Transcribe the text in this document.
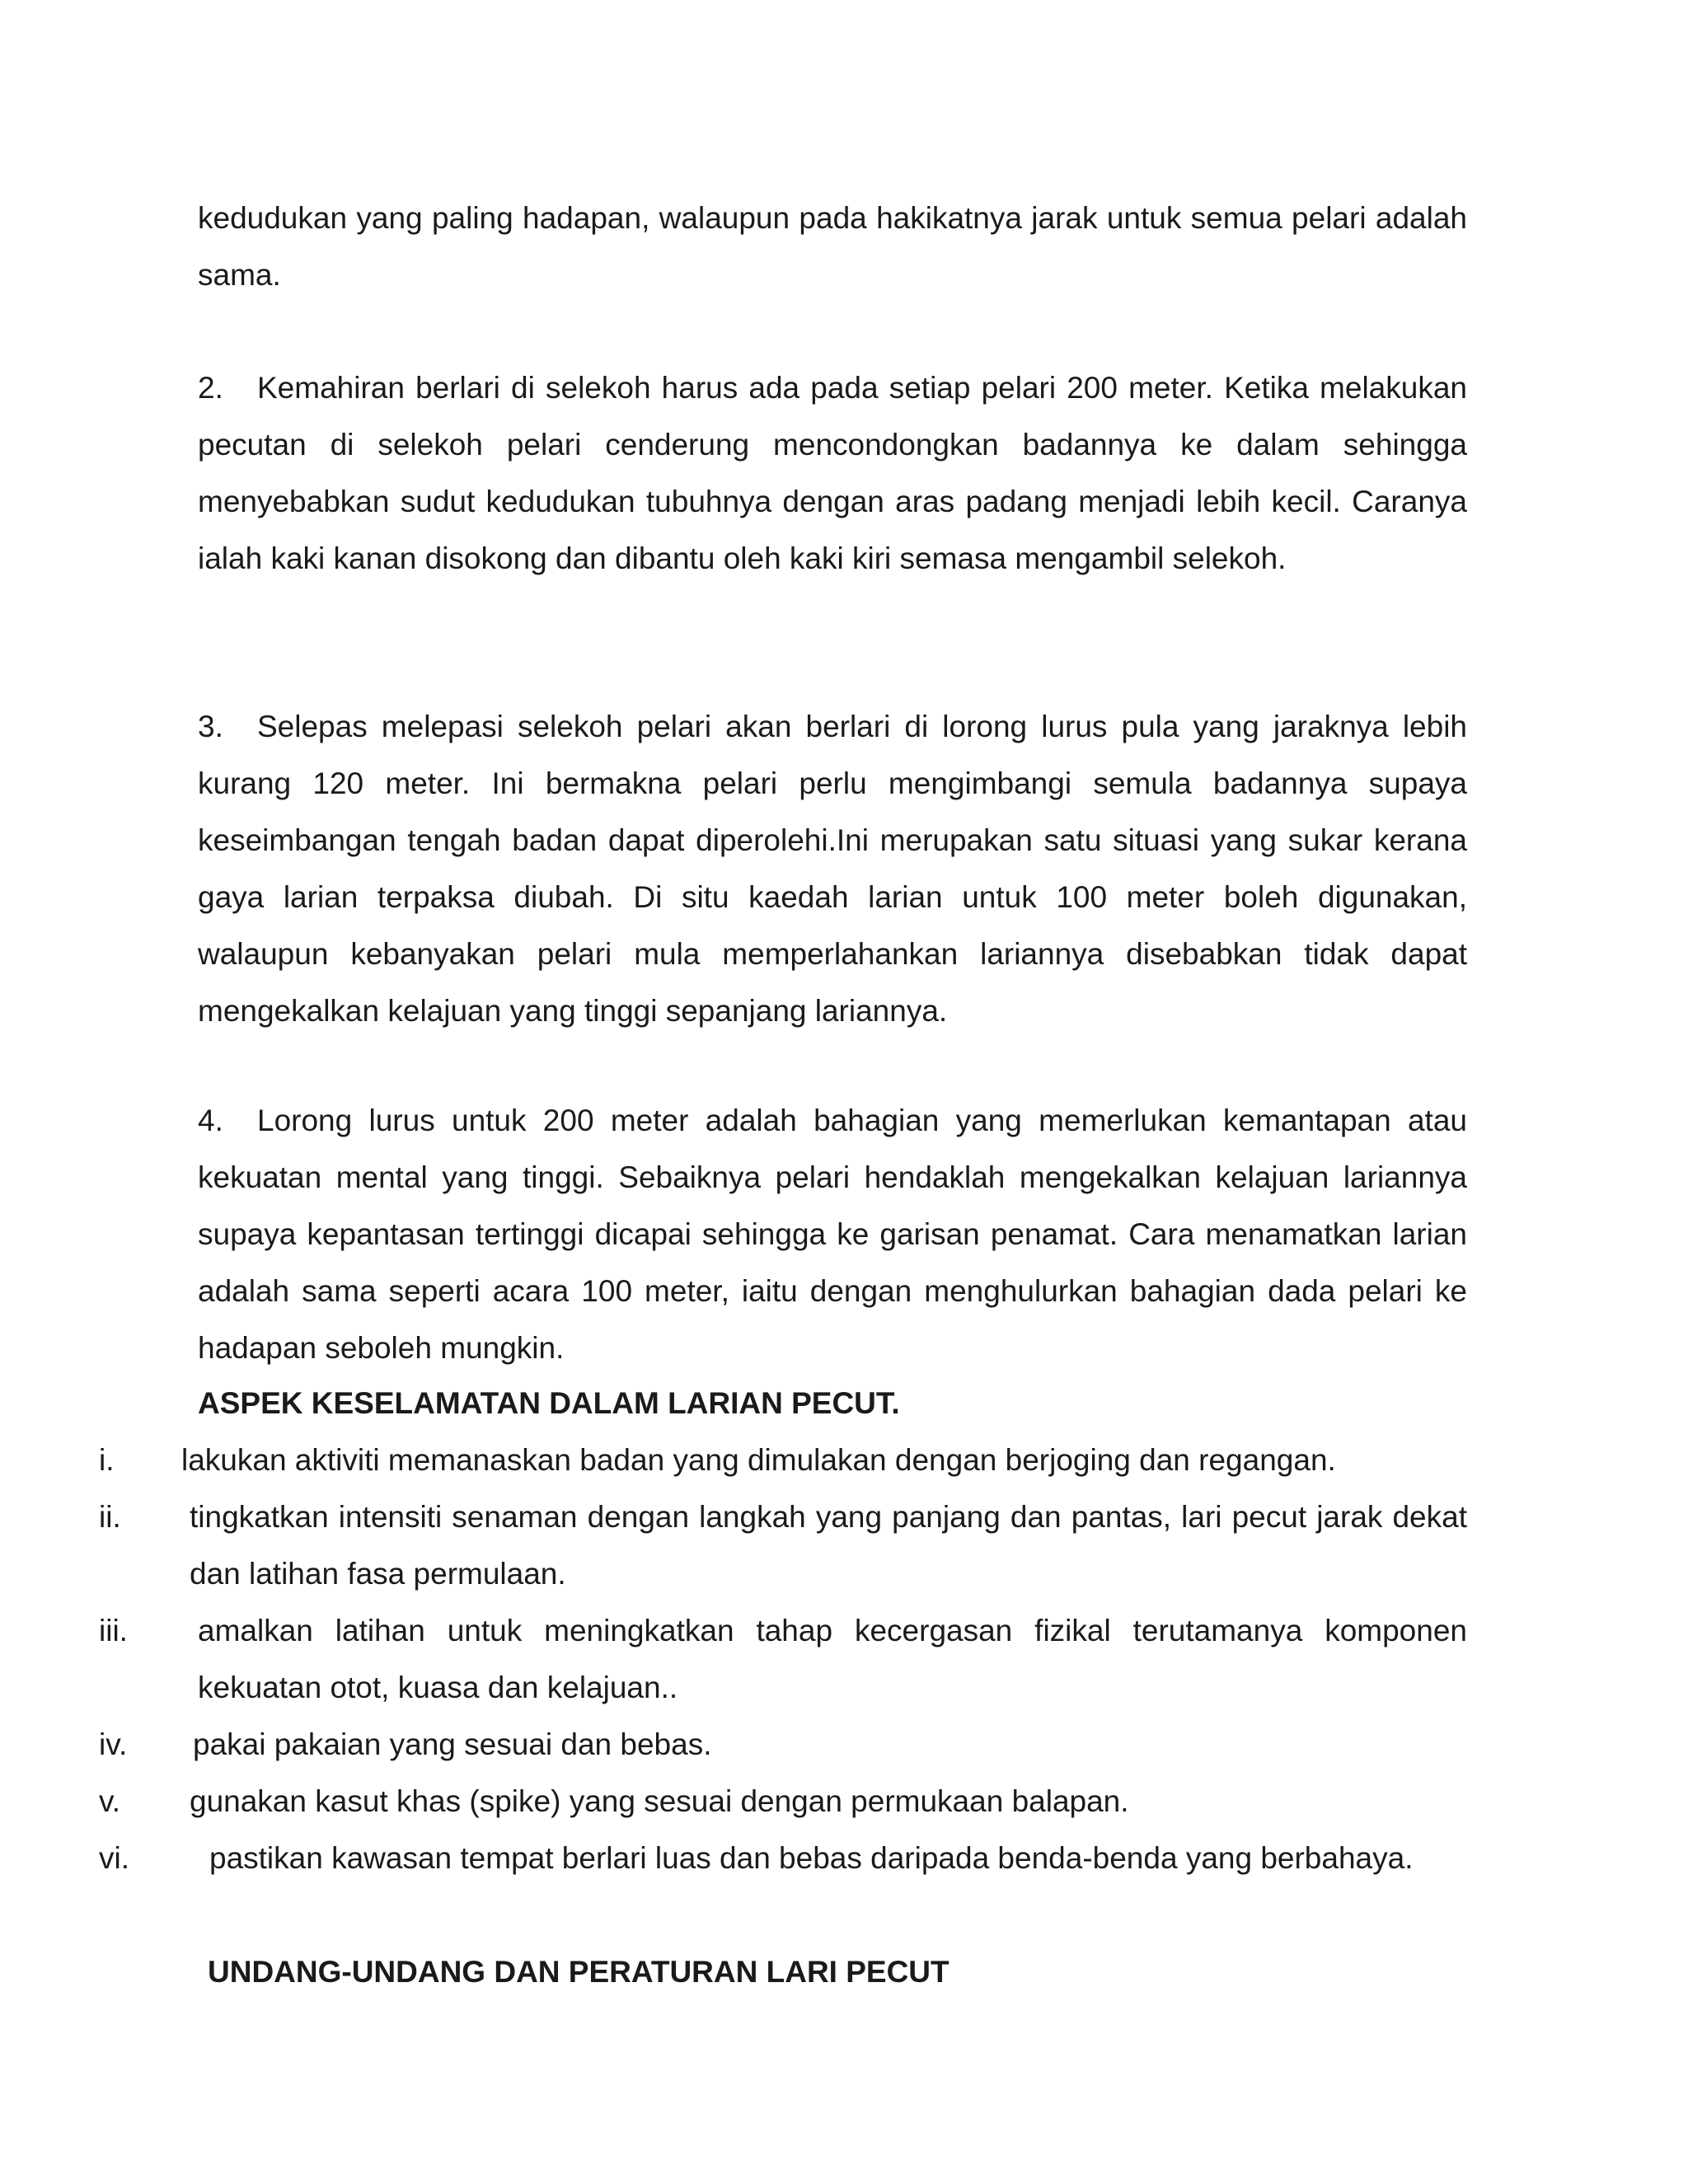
kedudukan yang paling hadapan, walaupun pada hakikatnya jarak untuk semua pelari adalah sama.

2. Kemahiran berlari di selekoh harus ada pada setiap pelari 200 meter. Ketika melakukan pecutan di selekoh pelari cenderung mencondongkan badannya ke dalam sehingga menyebabkan sudut kedudukan tubuhnya dengan aras padang menjadi lebih kecil. Caranya ialah kaki kanan disokong dan dibantu oleh kaki kiri semasa mengambil selekoh.

3. Selepas melepasi selekoh pelari akan berlari di lorong lurus pula yang jaraknya lebih kurang 120 meter. Ini bermakna pelari perlu mengimbangi semula badannya supaya keseimbangan tengah badan dapat diperolehi.Ini merupakan satu situasi yang sukar kerana gaya larian terpaksa diubah. Di situ kaedah larian untuk 100 meter boleh digunakan, walaupun kebanyakan pelari mula memperlahankan lariannya disebabkan tidak dapat mengekalkan kelajuan yang tinggi sepanjang lariannya.

4. Lorong lurus untuk 200 meter adalah bahagian yang memerlukan kemantapan atau kekuatan mental yang tinggi. Sebaiknya pelari hendaklah mengekalkan kelajuan lariannya supaya kepantasan tertinggi dicapai sehingga ke garisan penamat. Cara menamatkan larian adalah sama seperti acara 100 meter, iaitu dengan menghulurkan bahagian dada pelari ke hadapan seboleh mungkin.

ASPEK KESELAMATAN DALAM LARIAN PECUT.
i. lakukan aktiviti memanaskan badan yang dimulakan dengan berjoging dan regangan.

ii. tingkatkan intensiti senaman dengan langkah yang panjang dan pantas, lari pecut jarak dekat dan latihan fasa permulaan.

iii. amalkan latihan untuk meningkatkan tahap kecergasan fizikal terutamanya komponen kekuatan otot, kuasa dan kelajuan..

iv. pakai pakaian yang sesuai dan bebas.

v. gunakan kasut khas (spike) yang sesuai dengan permukaan balapan.

vi.	pastikan kawasan tempat berlari luas dan bebas daripada benda-benda yang berbahaya.

UNDANG-UNDANG DAN PERATURAN LARI PECUT
